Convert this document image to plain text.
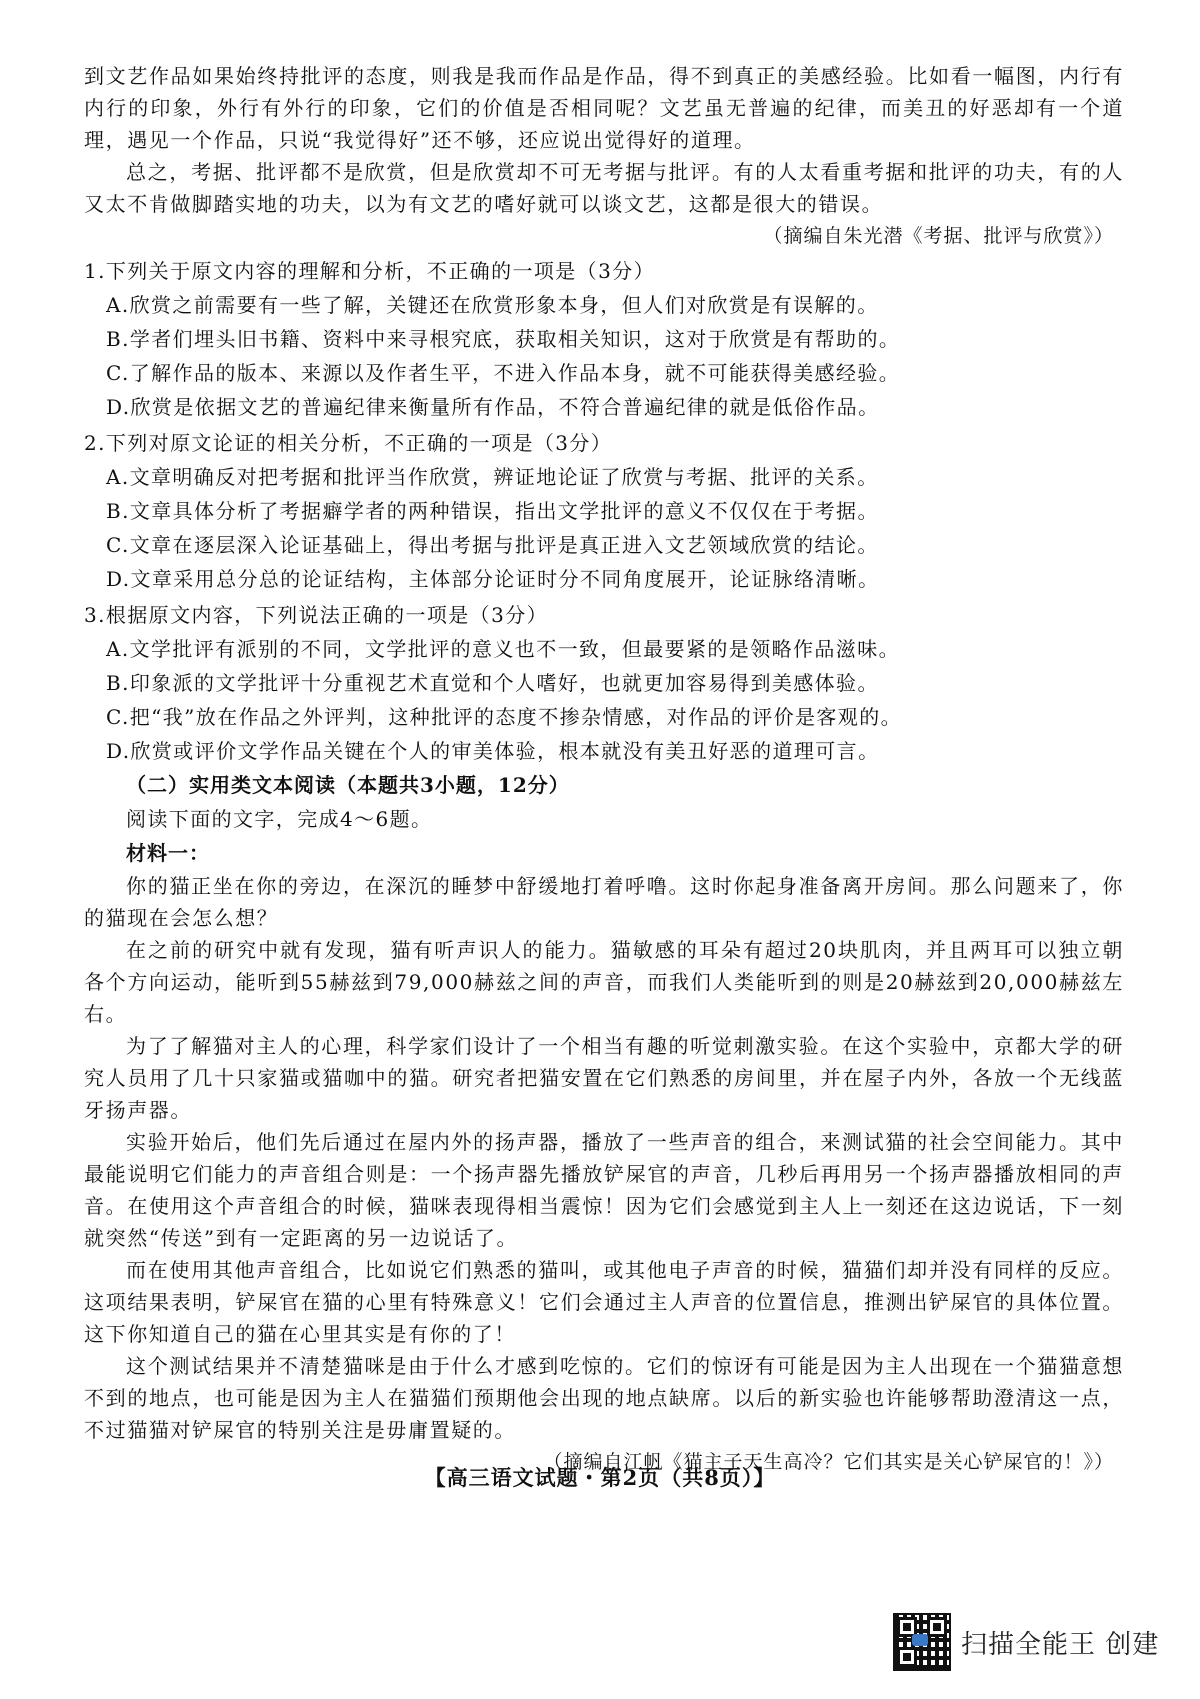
到文艺作品如果始终持批评的态度，则我是我而作品是作品，得不到真正的美感经验。比如看一幅图，内行有内行的印象，外行有外行的印象，它们的价值是否相同呢？文艺虽无普遍的纪律，而美丑的好恶却有一个道理，遇见一个作品，只说“我觉得好”还不够，还应说出觉得好的道理。

总之，考据、批评都不是欣赏，但是欣赏却不可无考据与批评。有的人太看重考据和批评的功夫，有的人又太不肯做脚踏实地的功夫，以为有文艺的嗜好就可以谈文艺，这都是很大的错误。

（摘编自朱光潜《考据、批评与欣赏》）

1.下列关于原文内容的理解和分析，不正确的一项是（3分）

A.欣赏之前需要有一些了解，关键还在欣赏形象本身，但人们对欣赏是有误解的。

B.学者们埋头旧书籍、资料中来寻根究底，获取相关知识，这对于欣赏是有帮助的。

C.了解作品的版本、来源以及作者生平，不进入作品本身，就不可能获得美感经验。

D.欣赏是依据文艺的普遍纪律来衡量所有作品，不符合普遍纪律的就是低俗作品。

2.下列对原文论证的相关分析，不正确的一项是（3分）

A.文章明确反对把考据和批评当作欣赏，辨证地论证了欣赏与考据、批评的关系。

B.文章具体分析了考据癖学者的两种错误，指出文学批评的意义不仅仅在于考据。

C.文章在逐层深入论证基础上，得出考据与批评是真正进入文艺领域欣赏的结论。

D.文章采用总分总的论证结构，主体部分论证时分不同角度展开，论证脉络清晰。

3.根据原文内容，下列说法正确的一项是（3分）

A.文学批评有派别的不同，文学批评的意义也不一致，但最要紧的是领略作品滋味。

B.印象派的文学批评十分重视艺术直觉和个人嗜好，也就更加容易得到美感体验。

C.把“我”放在作品之外评判，这种批评的态度不掺杂情感，对作品的评价是客观的。

D.欣赏或评价文学作品关键在个人的审美体验，根本就没有美丑好恶的道理可言。

（二）实用类文本阅读（本题共3小题，12分）

阅读下面的文字，完成4～6题。

材料一：

你的猫正坐在你的旁边，在深沉的睡梦中舒缓地打着呼噜。这时你起身准备离开房间。那么问题来了，你的猫现在会怎么想？

在之前的研究中就有发现，猫有听声识人的能力。猫敏感的耳朵有超过20块肌肉，并且两耳可以独立朝各个方向运动，能听到55赫兹到79,000赫兹之间的声音，而我们人类能听到的则是20赫兹到20,000赫兹左右。

为了了解猫对主人的心理，科学家们设计了一个相当有趣的听觉刺激实验。在这个实验中，京都大学的研究人员用了几十只家猫或猫咖中的猫。研究者把猫安置在它们熟悉的房间里，并在屋子内外，各放一个无线蓝牙扬声器。

实验开始后，他们先后通过在屋内外的扬声器，播放了一些声音的组合，来测试猫的社会空间能力。其中最能说明它们能力的声音组合则是：一个扬声器先播放铲屎官的声音，几秒后再用另一个扬声器播放相同的声音。在使用这个声音组合的时候，猫咪表现得相当震惊！因为它们会感觉到主人上一刻还在这边说话，下一刻就突然“传送”到有一定距离的另一边说话了。

而在使用其他声音组合，比如说它们熟悉的猫叫，或其他电子声音的时候，猫猫们却并没有同样的反应。这项结果表明，铲屎官在猫的心里有特殊意义！它们会通过主人声音的位置信息，推测出铲屎官的具体位置。这下你知道自己的猫在心里其实是有你的了！

这个测试结果并不清楚猫咪是由于什么才感到吃惊的。它们的惊讶有可能是因为主人出现在一个猫猫意想不到的地点，也可能是因为主人在猫猫们预期他会出现的地点缺席。以后的新实验也许能够帮助澄清这一点，不过猫猫对铲屎官的特别关注是毋庸置疑的。

（摘编自江帆《猫主子天生高冷？它们其实是关心铲屎官的！》）

【高三语文试题・第2页（共8页）】
扫描全能王 创建
